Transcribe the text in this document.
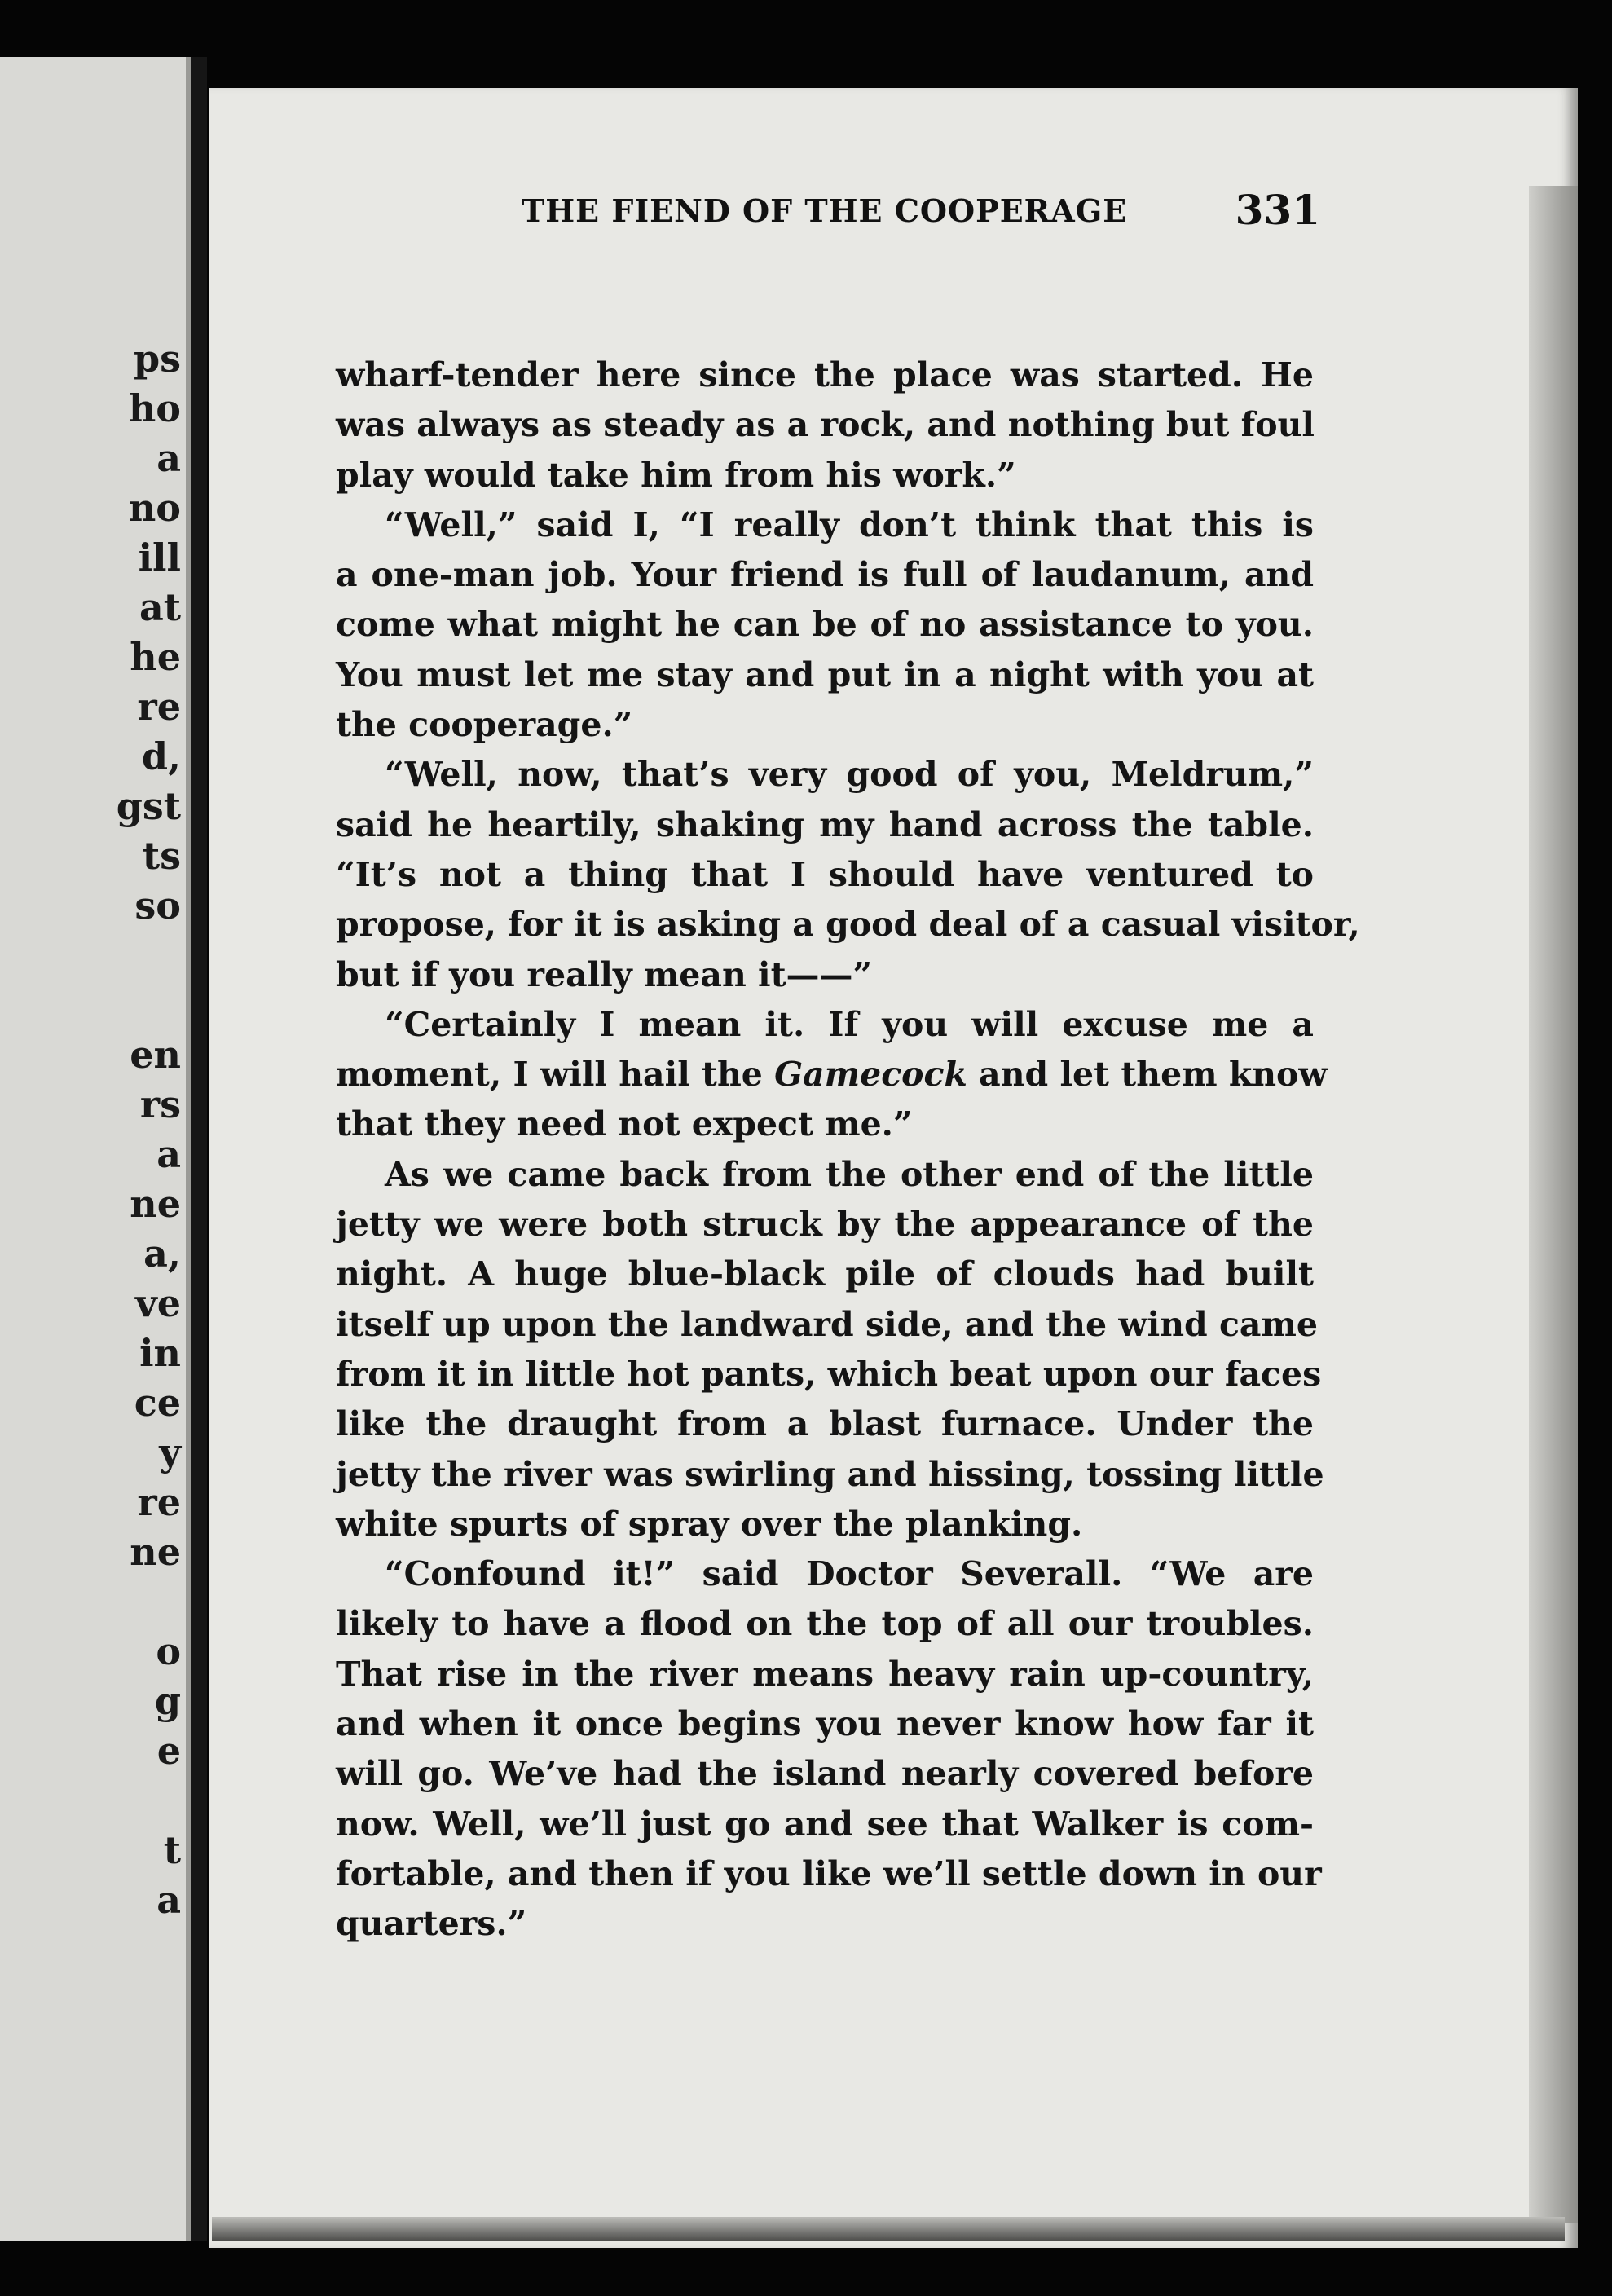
ps
ho
a
no
ill
at
he
re
d,
gst
ts
so
en
rs
a
ne
a,
ve
in
ce
y
re
ne
o
g
e
t
a
THE FIEND OF THE COOPERAGE	331
wharf-tender here since the place was started. He
was always as steady as a rock, and nothing but foul
play would take him from his work.”
“Well,” said I, “I really don’t think that this is
a one-man job. Your friend is full of laudanum, and
come what might he can be of no assistance to you.
You must let me stay and put in a night with you at
the cooperage.”
“Well, now, that’s very good of you, Meldrum,”
said he heartily, shaking my hand across the table.
“It’s not a thing that I should have ventured to
propose, for it is asking a good deal of a casual visitor,
but if you really mean it——”
“Certainly I mean it. If you will excuse me a
moment, I will hail the Gamecock and let them know
that they need not expect me.”
As we came back from the other end of the little
jetty we were both struck by the appearance of the
night. A huge blue-black pile of clouds had built
itself up upon the landward side, and the wind came
from it in little hot pants, which beat upon our faces
like the draught from a blast furnace. Under the
jetty the river was swirling and hissing, tossing little
white spurts of spray over the planking.
“Confound it!” said Doctor Severall. “We are
likely to have a flood on the top of all our troubles.
That rise in the river means heavy rain up-country,
and when it once begins you never know how far it
will go. We’ve had the island nearly covered before
now. Well, we’ll just go and see that Walker is com-
fortable, and then if you like we’ll settle down in our
quarters.”
